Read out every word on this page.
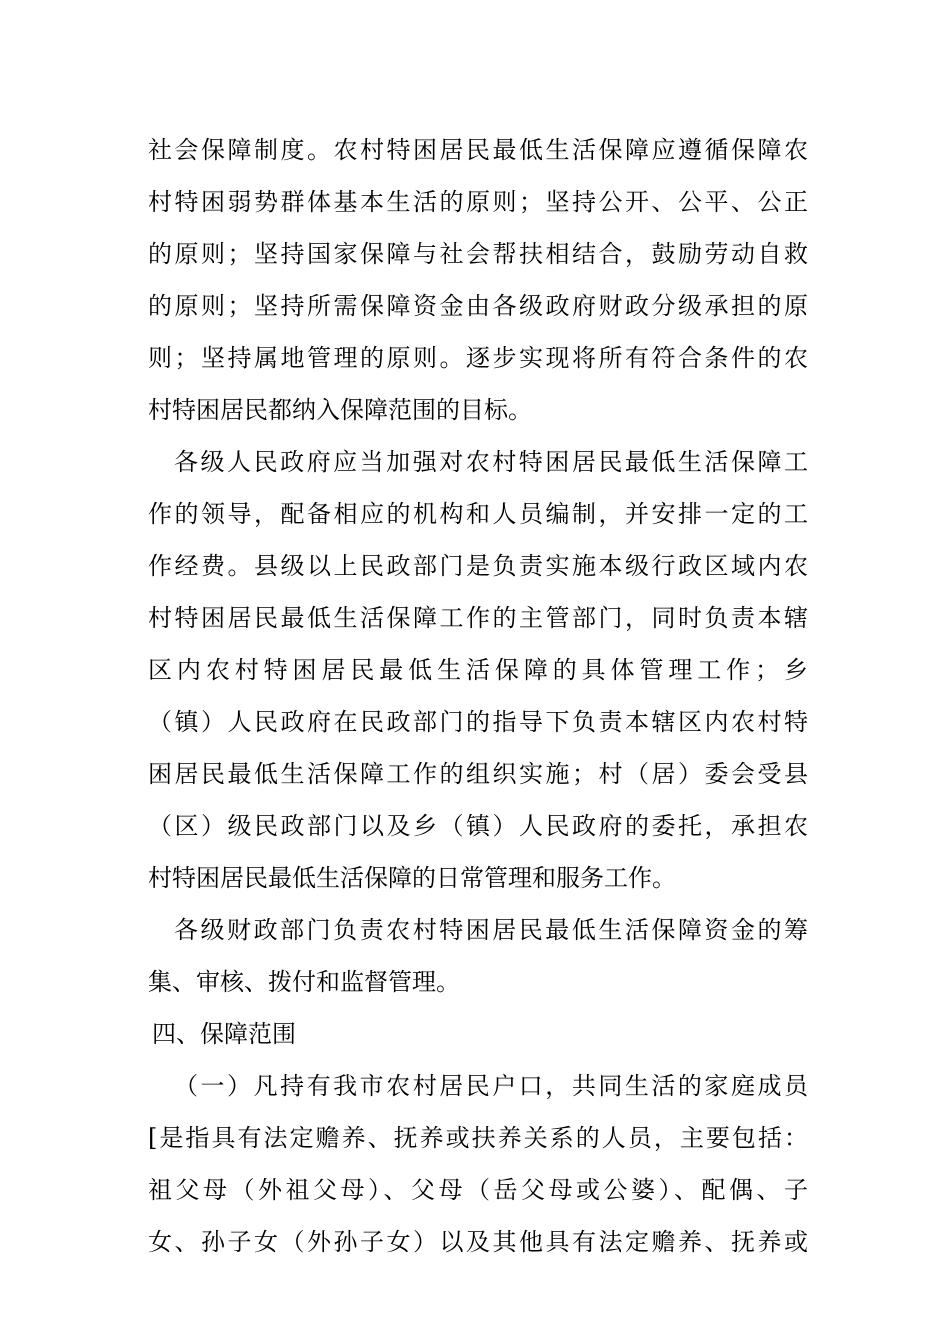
社会保障制度。农村特困居民最低生活保障应遵循保障农
村特困弱势群体基本生活的原则；坚持公开、公平、公正
的原则；坚持国家保障与社会帮扶相结合，鼓励劳动自救
的原则；坚持所需保障资金由各级政府财政分级承担的原
则；坚持属地管理的原则。逐步实现将所有符合条件的农
村特困居民都纳入保障范围的目标。
各级人民政府应当加强对农村特困居民最低生活保障工
作的领导，配备相应的机构和人员编制，并安排一定的工
作经费。县级以上民政部门是负责实施本级行政区域内农
村特困居民最低生活保障工作的主管部门，同时负责本辖
区内农村特困居民最低生活保障的具体管理工作；乡
（镇）人民政府在民政部门的指导下负责本辖区内农村特
困居民最低生活保障工作的组织实施；村（居）委会受县
（区）级民政部门以及乡（镇）人民政府的委托，承担农
村特困居民最低生活保障的日常管理和服务工作。
各级财政部门负责农村特困居民最低生活保障资金的筹
集、审核、拨付和监督管理。
四、保障范围
（一）凡持有我市农村居民户口，共同生活的家庭成员
[是指具有法定赡养、抚养或扶养关系的人员，主要包括：
祖父母（外祖父母）、父母（岳父母或公婆）、配偶、子
女、孙子女（外孙子女）以及其他具有法定赡养、抚养或
